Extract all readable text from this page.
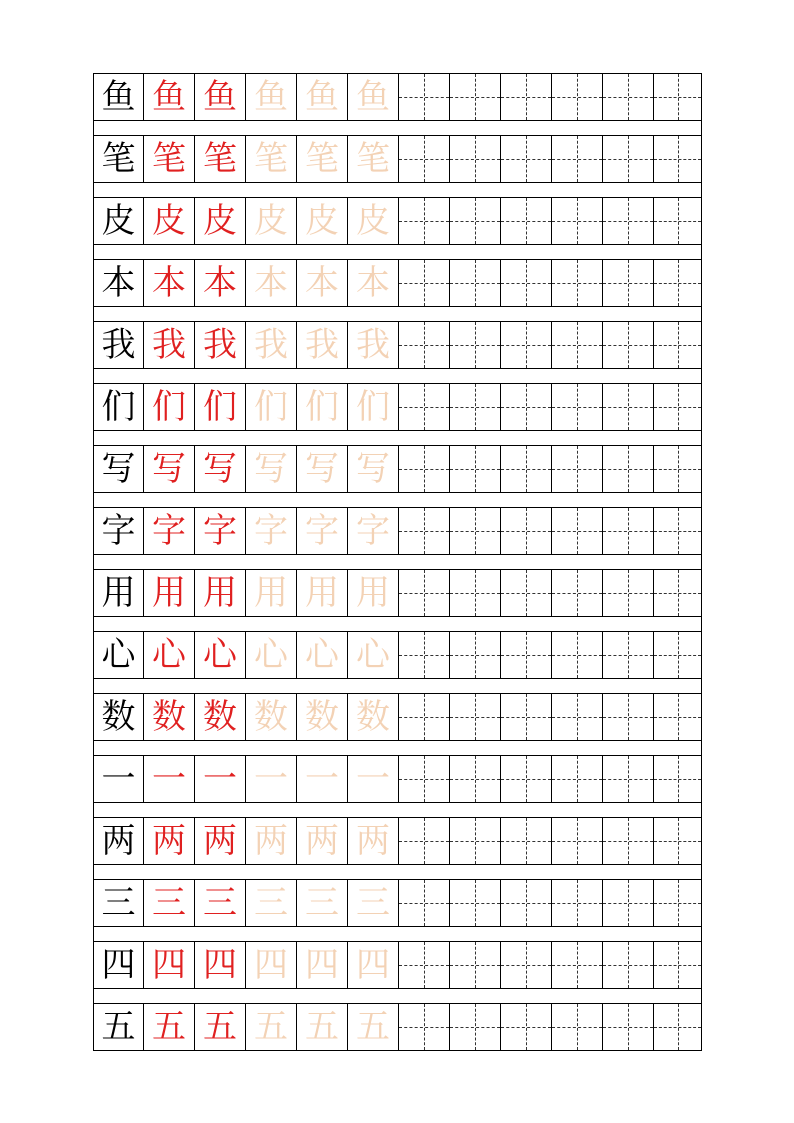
鱼 鱼 鱼 鱼 鱼 鱼
笔 笔 笔 笔 笔 笔
皮 皮 皮 皮 皮 皮
本 本 本 本 本 本
我 我 我 我 我 我
们 们 们 们 们 们
写 写 写 写 写 写
字 字 字 字 字 字
用 用 用 用 用 用
心 心 心 心 心 心
数 数 数 数 数 数
一 一 一 一 一 一
两 两 两 两 两 两
三 三 三 三 三 三
四 四 四 四 四 四
五 五 五 五 五 五
